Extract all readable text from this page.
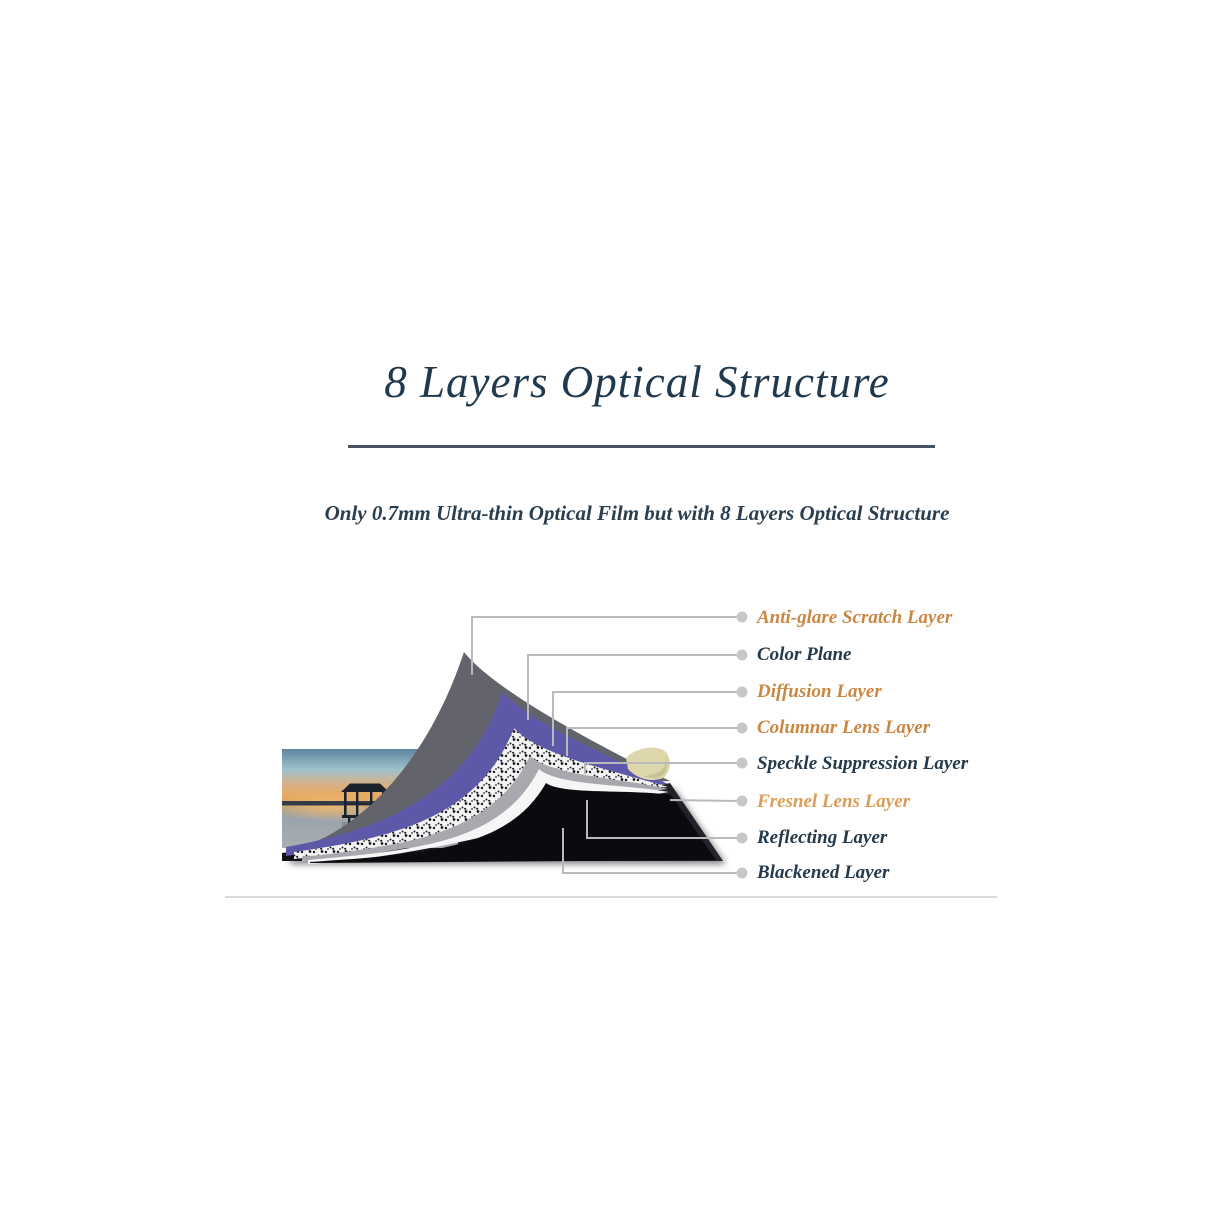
8 Layers Optical Structure
Only 0.7mm Ultra-thin Optical Film but with 8 Layers Optical Structure
Anti-glare Scratch Layer
Color Plane
Diffusion Layer
Columnar Lens Layer
Speckle Suppression Layer
Fresnel Lens Layer
Reflecting Layer
Blackened Layer
